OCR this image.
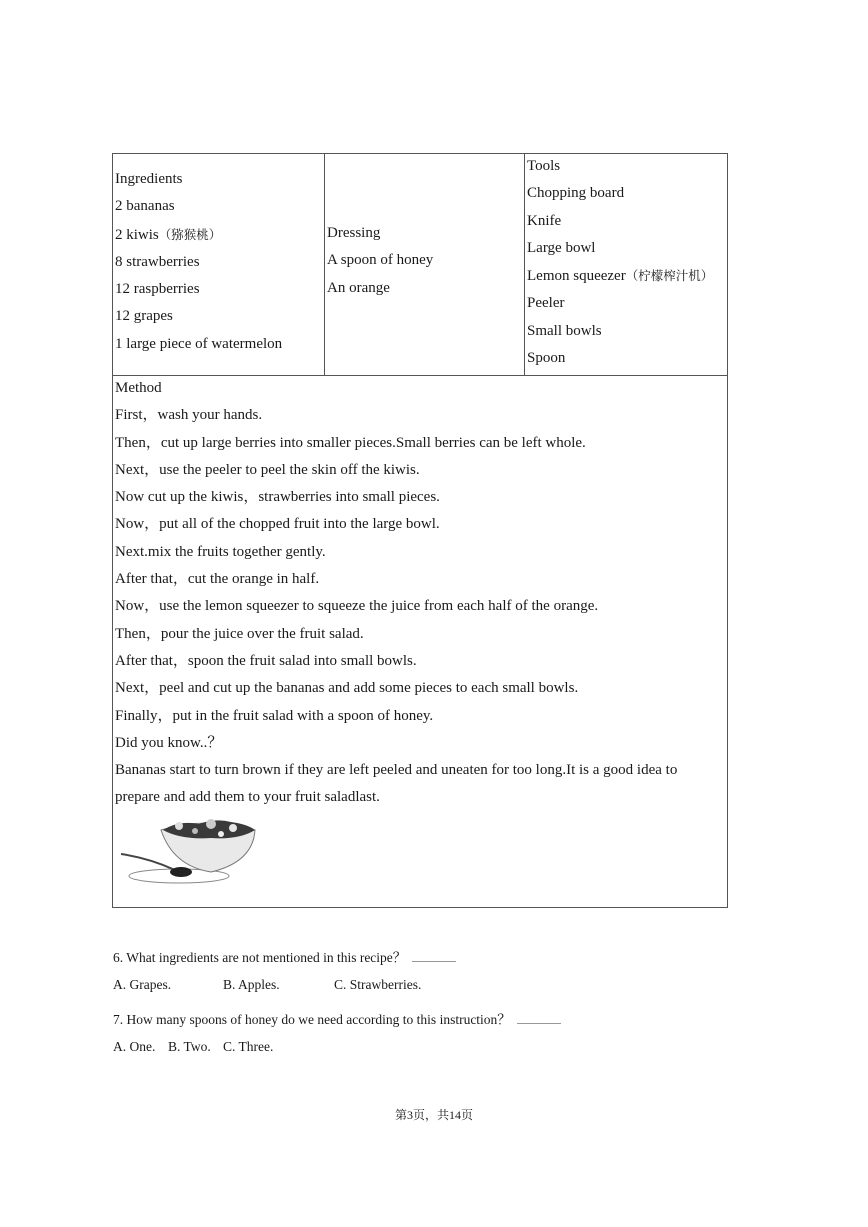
Ingredients
2 bananas
2 kiwis（猕猴桃）
8 strawberries
12 raspberries
12 grapes
1 large piece of watermelon

Dressing
A spoon of honey
An orange

Tools
Chopping board
Knife
Large bowl
Lemon squeezer（柠檬榨汁机）
Peeler
Small bowls
Spoon

Method
First，wash your hands.
Then，cut up large berries into smaller pieces.Small berries can be left whole.
Next，use the peeler to peel the skin off the kiwis.
Now cut up the kiwis，strawberries into small pieces.
Now，put all of the chopped fruit into the large bowl.
Next.mix the fruits together gently.
After that，cut the orange in half.
Now，use the lemon squeezer to squeeze the juice from each half of the orange.
Then，pour the juice over the fruit salad.
After that，spoon the fruit salad into small bowls.
Next，peel and cut up the bananas and add some pieces to each small bowls.
Finally，put in the fruit salad with a spoon of honey.
Did you know..？
Bananas start to turn brown if they are left peeled and uneaten for too long.It is a good idea to prepare and add them to your fruit saladlast.
6. What ingredients are not mentioned in this recipe？
A. Grapes.	B. Apples.	C. Strawberries.
7. How many spoons of honey do we need according to this instruction？
A. One. B. Two. C. Three.
第3页，共14页
